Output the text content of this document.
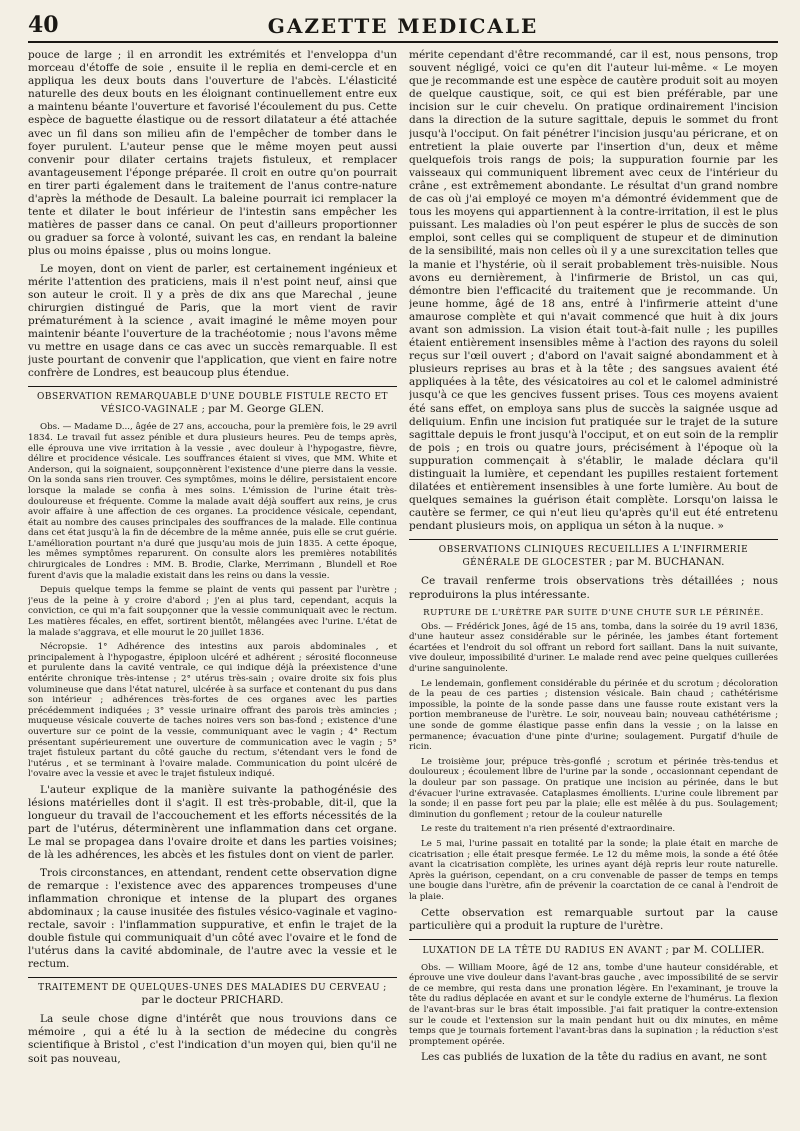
40	GAZETTE MEDICALE

pouce de large ; il en arrondit les extrémités et l'enveloppa d'un morceau d'étoffe de soie , ensuite il le replia en demi-cercle et en appliqua les deux bouts dans l'ouverture de l'abcès. L'élasticité naturelle des deux bouts en les éloignant continuellement entre eux a maintenu béante l'ouverture et favorisé l'écoulement du pus. Cette espèce de baguette élastique ou de ressort dilatateur a été attachée avec un fil dans son milieu afin de l'empêcher de tomber dans le foyer purulent. L'auteur pense que le même moyen peut aussi convenir pour dilater certains trajets fistuleux, et remplacer avantageusement l'éponge préparée. Il croit en outre qu'on pourrait en tirer parti également dans le traitement de l'anus contre-nature d'après la méthode de Desault. La baleine pourrait ici remplacer la tente et dilater le bout inférieur de l'intestin sans empêcher les matières de passer dans ce canal. On peut d'ailleurs proportionner ou graduer sa force à volonté, suivant les cas, en rendant la baleine plus ou moins épaisse , plus ou moins longue.

Le moyen, dont on vient de parler, est certainement ingénieux et mérite l'attention des praticiens, mais il n'est point neuf, ainsi que son auteur le croit. Il y a près de dix ans que Marechal , jeune chirurgien distingué de Paris, que la mort vient de ravir prématurément à la science , avait imaginé le même moyen pour maintenir béante l'ouverture de la trachéotomie ; nous l'avons même vu mettre en usage dans ce cas avec un succès remarquable. Il est juste pourtant de convenir que l'application, que vient en faire notre confrère de Londres, est beaucoup plus étendue.

OBSERVATION REMARQUABLE D'UNE DOUBLE FISTULE RECTO ET VÉSICO-VAGINALE ; par M. George GLEN.

Obs. — Madame D..., âgée de 27 ans, accoucha, pour la première fois, le 29 avril 1834. Le travail fut assez pénible et dura plusieurs heures. Peu de temps après, elle éprouva une vive irritation à la vessie , avec douleur à l'hypogastre, fièvre, délire et procidence vésicale. Les souffrances étaient si vives, que MM. White et Anderson, qui la soignaient, soupçonnèrent l'existence d'une pierre dans la vessie. On la sonda sans rien trouver. Ces symptômes, moins le délire, persistaient encore lorsque la malade se confia à mes soins. L'émission de l'urine était très-douloureuse et fréquente. Comme la malade avait déjà souffert aux reins, je crus avoir affaire à une affection de ces organes. La procidence vésicale, cependant, était au nombre des causes principales des souffrances de la malade. Elle continua dans cet état jusqu'à la fin de décembre de la même année, puis elle se crut guérie. L'amélioration pourtant n'a duré que jusqu'au mois de juin 1835. A cette époque, les mêmes symptômes reparurent. On consulte alors les premières notabilités chirurgicales de Londres : MM. B. Brodie, Clarke, Merrimann , Blundell et Roe furent d'avis que la maladie existait dans les reins ou dans la vessie.

Depuis quelque temps la femme se plaint de vents qui passent par l'urètre ; j'eus de la peine à y croire d'abord ; j'en ai plus tard, cependant, acquis la conviction, ce qui m'a fait soupçonner que la vessie communiquait avec le rectum. Les matières fécales, en effet, sortirent bientôt, mêlangées avec l'urine. L'état de la malade s'aggrava, et elle mourut le 20 juillet 1836.

Nécropsie. 1° Adhérence des intestins aux parois abdominales , et principalement à l'hypogastre, épiploon ulcéré et adhérent ; sérosité floconneuse et purulente dans la cavité ventrale, ce qui indique déjà la préexistence d'une entérite chronique très-intense ; 2° utérus très-sain ; ovaire droite six fois plus volumineuse que dans l'état naturel, ulcérée à sa surface et contenant du pus dans son intérieur ; adhérences très-fortes de ces organes avec les parties précédemment indiquées ; 3° vessie urinaire offrant des parois très amincies ; muqueuse vésicale couverte de taches noires vers son bas-fond ; existence d'une ouverture sur ce point de la vessie, communiquant avec le vagin ; 4° Rectum présentant supérieurement une ouverture de communication avec le vagin ; 5° trajet fistuleux partant du côté gauche du rectum, s'étendant vers le fond de l'utérus , et se terminant à l'ovaire malade. Communication du point ulcéré de l'ovaire avec la vessie et avec le trajet fistuleux indiqué.

L'auteur explique de la manière suivante la pathogénésie des lésions matérielles dont il s'agit. Il est très-probable, dit-il, que la longueur du travail de l'accouchement et les efforts nécessités de la part de l'utérus, déterminèrent une inflammation dans cet organe. Le mal se propagea dans l'ovaire droite et dans les parties voisines; de là les adhérences, les abcès et les fistules dont on vient de parler.

Trois circonstances, en attendant, rendent cette observation digne de remarque : l'existence avec des apparences trompeuses d'une inflammation chronique et intense de la plupart des organes abdominaux ; la cause inusitée des fistules vésico-vaginale et vagino-rectale, savoir : l'inflammation suppurative, et enfin le trajet de la double fistule qui communiquait d'un côté avec l'ovaire et le fond de l'utérus dans la cavité abdominale, de l'autre avec la vessie et le rectum.

TRAITEMENT DE QUELQUES-UNES DES MALADIES DU CERVEAU ; par le docteur PRICHARD.

La seule chose digne d'intérêt que nous trouvions dans ce mémoire , qui a été lu à la section de médecine du congrès scientifique à Bristol , c'est l'indication d'un moyen qui, bien qu'il ne soit pas nouveau,

mérite cependant d'être recommandé, car il est, nous pensons, trop souvent négligé, voici ce qu'en dit l'auteur lui-même. « Le moyen que je recommande est une espèce de cautère produit soit au moyen de quelque caustique, soit, ce qui est bien préférable, par une incision sur le cuir chevelu. On pratique ordinairement l'incision dans la direction de la suture sagittale, depuis le sommet du front jusqu'à l'occiput. On fait pénétrer l'incision jusqu'au péricrane, et on entretient la plaie ouverte par l'insertion d'un, deux et même quelquefois trois rangs de pois; la suppuration fournie par les vaisseaux qui communiquent librement avec ceux de l'intérieur du crâne , est extrêmement abondante. Le résultat d'un grand nombre de cas où j'ai employé ce moyen m'a démontré évidemment que de tous les moyens qui appartiennent à la contre-irritation, il est le plus puissant. Les maladies où l'on peut espérer le plus de succès de son emploi, sont celles qui se compliquent de stupeur et de diminution de la sensibilité, mais non celles où il y a une surexcitation telles que la manie et l'hystérie, où il serait probablement très-nuisible. Nous avons eu dernièrement, à l'infirmerie de Bristol, un cas qui, démontre bien l'efficacité du traitement que je recommande. Un jeune homme, âgé de 18 ans, entré à l'infirmerie atteint d'une amaurose complète et qui n'avait commencé que huit à dix jours avant son admission. La vision était tout-à-fait nulle ; les pupilles étaient entièrement insensibles même à l'action des rayons du soleil reçus sur l'œil ouvert ; d'abord on l'avait saigné abondamment et à plusieurs reprises au bras et à la tête ; des sangsues avaient été appliquées à la tête, des vésicatoires au col et le calomel administré jusqu'à ce que les gencives fussent prises. Tous ces moyens avaient été sans effet, on employa sans plus de succès la saignée usque ad deliquium. Enfin une incision fut pratiquée sur le trajet de la suture sagittale depuis le front jusqu'à l'occiput, et on eut soin de la remplir de pois ; en trois ou quatre jours, précisément à l'époque où la suppuration commençait à s'établir, le malade déclara qu'il distinguait la lumière, et cependant les pupilles restaient fortement dilatées et entièrement insensibles à une forte lumière. Au bout de quelques semaines la guérison était complète. Lorsqu'on laissa le cautère se fermer, ce qui n'eut lieu qu'après qu'il eut été entretenu pendant plusieurs mois, on appliqua un séton à la nuque. »

OBSERVATIONS CLINIQUES RECUEILLIES A L'INFIRMERIE GÉNÉRALE DE GLOCESTER ; par M. BUCHANAN.

Ce travail renferme trois observations très détaillées ; nous reproduirons la plus intéressante.

RUPTURE DE L'URÈTRE PAR SUITE D'UNE CHUTE SUR LE PÉRINÉE.

Obs. — Frédérick Jones, âgé de 15 ans, tomba, dans la soirée du 19 avril 1836, d'une hauteur assez considérable sur le périnée, les jambes étant fortement écartées et l'endroit du sol offrant un rebord fort saillant. Dans la nuit suivante, vive douleur, impossibilité d'uriner. Le malade rend avec peine quelques cuillerées d'urine sanguinolente.

Le lendemain, gonflement considérable du périnée et du scrotum ; décoloration de la peau de ces parties ; distension vésicale. Bain chaud ; cathétérisme impossible, la pointe de la sonde passe dans une fausse route existant vers la portion membraneuse de l'urètre. Le soir, nouveau bain; nouveau cathétérisme ; une sonde de gomme élastique passe enfin dans la vessie ; on la laisse en permanence; évacuation d'une pinte d'urine; soulagement. Purgatif d'huile de ricin.

Le troisième jour, prépuce très-gonflé ; scrotum et périnée très-tendus et douloureux ; écoulement libre de l'urine par la sonde , occasionnant cependant de la douleur par son passage. On pratique une incision au périnée, dans le but d'évacuer l'urine extravasée. Cataplasmes émollients. L'urine coule librement par la sonde; il en passe fort peu par la plaie; elle est mêlée à du pus. Soulagement; diminution du gonflement ; retour de la couleur naturelle

Le reste du traitement n'a rien présenté d'extraordinaire.

Le 5 mai, l'urine passait en totalité par la sonde; la plaie était en marche de cicatrisation ; elle était presque fermée. Le 12 du même mois, la sonde a été ôtée avant la cicatrisation complète, les urines ayant déjà repris leur route naturelle. Après la guérison, cependant, on a cru convenable de passer de temps en temps une bougie dans l'urètre, afin de prévenir la coarctation de ce canal à l'endroit de la plaie.

Cette observation est remarquable surtout par la cause particulière qui a produit la rupture de l'urètre.

LUXATION DE LA TÊTE DU RADIUS EN AVANT ; par M. COLLIER.

Obs. — William Moore, âgé de 12 ans, tombe d'une hauteur considérable, et éprouve une vive douleur dans l'avant-bras gauche , avec impossibilité de se servir de ce membre, qui resta dans une pronation légère. En l'examinant, je trouve la tête du radius déplacée en avant et sur le condyle externe de l'humérus. La flexion de l'avant-bras sur le bras était impossible. J'ai fait pratiquer la contre-extension sur le coude et l'extension sur la main pendant huit ou dix minutes, en même temps que je tournais fortement l'avant-bras dans la supination ; la réduction s'est promptement opérée.

Les cas publiés de luxation de la tête du radius en avant, ne sont
